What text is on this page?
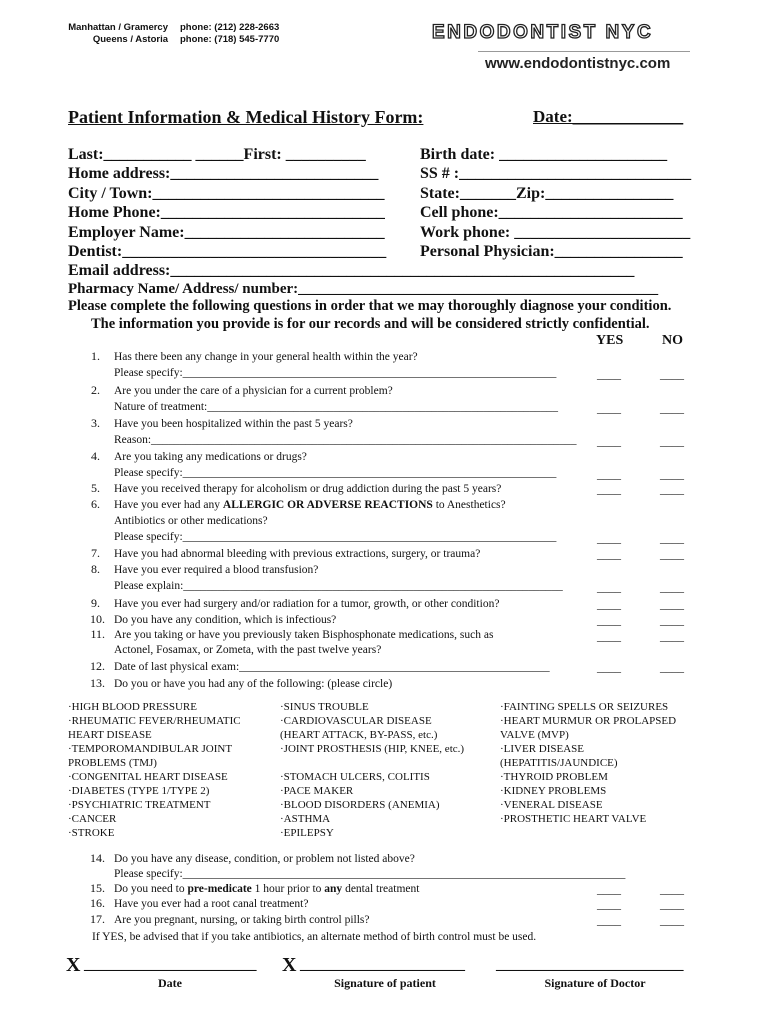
Manhattan / Gramercy
Queens / Astoria
phone: (212) 228-2663
phone: (718) 545-7770	ENDODONTIST NYC
www.endodontistnyc.com
Patient Information & Medical History Form:	Date:_____________
Last:___________ ______First: __________
Home address:__________________________
City / Town:_____________________________
Home Phone:____________________________
Employer Name:_________________________
Dentist:_________________________________
Birth date: _____________________
SS # :_____________________________
State:_______Zip:________________
Cell phone:_______________________
Work phone: ______________________
Personal Physician:________________
Email address:__________________________________________________________
Pharmacy Name/ Address/ number:________________________________________________
Please complete the following questions in order that we may thoroughly diagnose your condition.
The information you provide is for our records and will be considered strictly confidential.
YES	NO
1. Has there been any change in your general health within the year?
Please specify:_________________________________________________________________	____	____
2. Are you under the care of a physician for a current problem?
Nature of treatment:_____________________________________________________________	____	____
3. Have you been hospitalized within the past 5 years?
Reason:__________________________________________________________________________ ____	____
4. Are you taking any medications or drugs?
Please specify:_________________________________________________________________	____	____
5. Have you received therapy for alcoholism or drug addiction during the past 5 years?	____	____
6. Have you ever had any ALLERGIC OR ADVERSE REACTIONS to Anesthetics?
Antibiotics or other medications?
Please specify:_________________________________________________________________	____	____
7. Have you had abnormal bleeding with previous extractions, surgery, or trauma?	____	____
8. Have you ever required a blood transfusion?
Please explain:__________________________________________________________________	____	____
9. Have you ever had surgery and/or radiation for a tumor, growth, or other condition?	____	____
10. Do you have any condition, which is infectious?	____	____
11. Are you taking or have you previously taken Bisphosphonate medications, such as
Actonel, Fosamax, or Zometa, with the past twelve years?
____	____
12. Date of last physical exam:______________________________________________________	____	____
13. Do you or have you had any of the following: (please circle)
·HIGH BLOOD PRESSURE
·RHEUMATIC FEVER/RHEUMATIC
HEART DISEASE
·TEMPOROMANDIBULAR JOINT
PROBLEMS (TMJ)
·CONGENITAL HEART DISEASE
·DIABETES (TYPE 1/TYPE 2)
·PSYCHIATRIC TREATMENT
·CANCER
·STROKE
·SINUS TROUBLE
·CARDIOVASCULAR DISEASE
(HEART ATTACK, BY-PASS, etc.)
·JOINT PROSTHESIS (HIP, KNEE, etc.)
·STOMACH ULCERS, COLITIS
·PACE MAKER
·BLOOD DISORDERS (ANEMIA)
·ASTHMA
·EPILEPSY
·FAINTING SPELLS OR SEIZURES
·HEART MURMUR OR PROLAPSED
VALVE (MVP)
·LIVER DISEASE
(HEPATITIS/JAUNDICE)
·THYROID PROBLEM
·KIDNEY PROBLEMS
·VENERAL DISEASE
·PROSTHETIC HEART VALVE
14. Do you have any disease, condition, or problem not listed above?
Please specify:_____________________________________________________________________________
15. Do you need to pre-medicate 1 hour prior to any dental treatment	____	____
16. Have you ever had a root canal treatment?	____	____
17. Are you pregnant, nursing, or taking birth control pills?	____	____
If YES, be advised that if you take antibiotics, an alternate method of birth control must be used.
X _______________________ X ______________________ _________________________
Date	Signature of patient	Signature of Doctor
